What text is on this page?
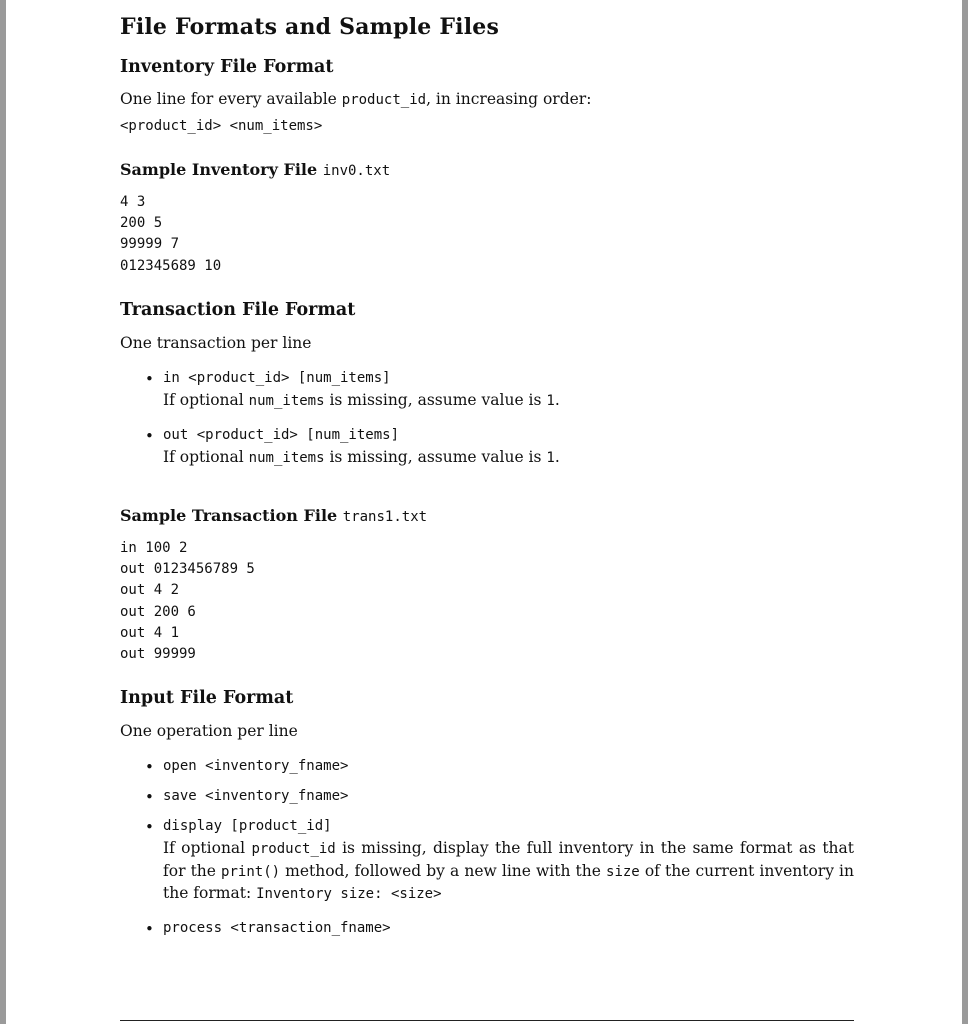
File Formats and Sample Files
Inventory File Format

One line for every available product_id, in increasing order:

<product_id> <num_items>
Sample Inventory File inv0.txt
4 3
200 5
99999 7
012345689 10
Transaction File Format

One transaction per line

• in <product_id> [num_items]
If optional num_items is missing, assume value is 1.
• out <product_id> [num_items]
If optional num_items is missing, assume value is 1.
Sample Transaction File trans1.txt
in 100 2
out 0123456789 5
out 4 2
out 200 6
out 4 1
out 99999
Input File Format

One operation per line

• open <inventory_fname>
• save <inventory_fname>
• display [product_id]
If optional product_id is missing, display the full inventory in the same format as that for the print() method, followed by a new line with the size of the current inventory in the format: Inventory size: <size>
• process <transaction_fname>
